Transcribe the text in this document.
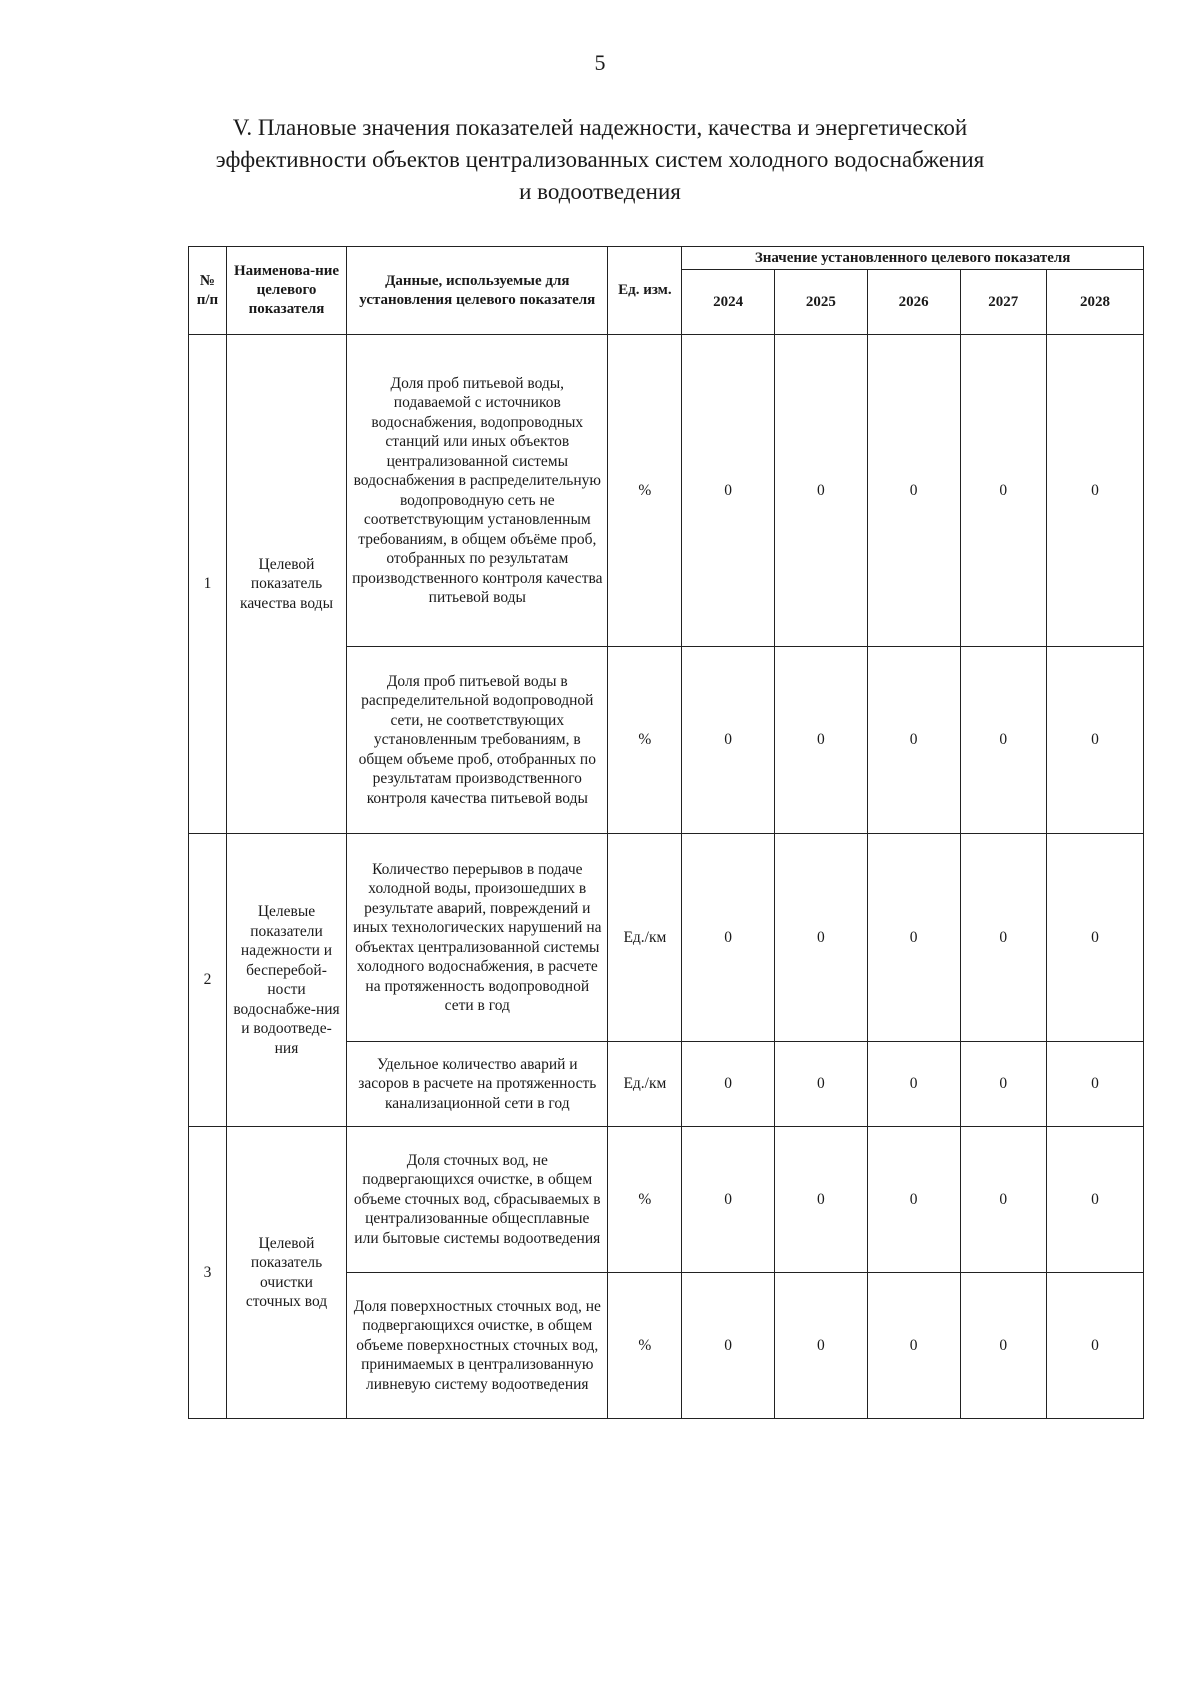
5
V. Плановые значения показателей надежности, качества и энергетической
эффективности объектов централизованных систем холодного водоснабжения
и водоотведения
№ п/п	Наименова-ние целевого показателя	Данные, используемые для установления целевого показателя	Ед. изм.	Значение установленного целевого показателя				
				2024	2025	2026	2027	2028
1	Целевой показатель качества воды	Доля проб питьевой воды, подаваемой с источников водоснабжения, водопроводных станций или иных объектов централизованной системы водоснабжения в распределительную водопроводную сеть не соответствующим установленным требованиям, в общем объёме проб, отобранных по результатам производственного контроля качества питьевой воды	%	0	0	0	0	0
		Доля проб питьевой воды в распределительной водопроводной сети, не соответствующих установленным требованиям, в общем объеме проб, отобранных по результатам производственного контроля качества питьевой воды	%	0	0	0	0	0
2	Целевые показатели надежности и бесперебой-ности водоснабже-ния и водоотведе-ния	Количество перерывов в подаче холодной воды, произошедших в результате аварий, повреждений и иных технологических нарушений на объектах централизованной системы холодного водоснабжения, в расчете на протяженность водопроводной сети в год	Ед./км	0	0	0	0	0
		Удельное количество аварий и засоров в расчете на протяженность канализационной сети в год	Ед./км	0	0	0	0	0
3	Целевой показатель очистки сточных вод	Доля сточных вод, не подвергающихся очистке, в общем объеме сточных вод, сбрасываемых в централизованные общесплавные или бытовые системы водоотведения	%	0	0	0	0	0
		Доля поверхностных сточных вод, не подвергающихся очистке, в общем объеме поверхностных сточных вод, принимаемых в централизованную ливневую систему водоотведения	%	0	0	0	0	0
